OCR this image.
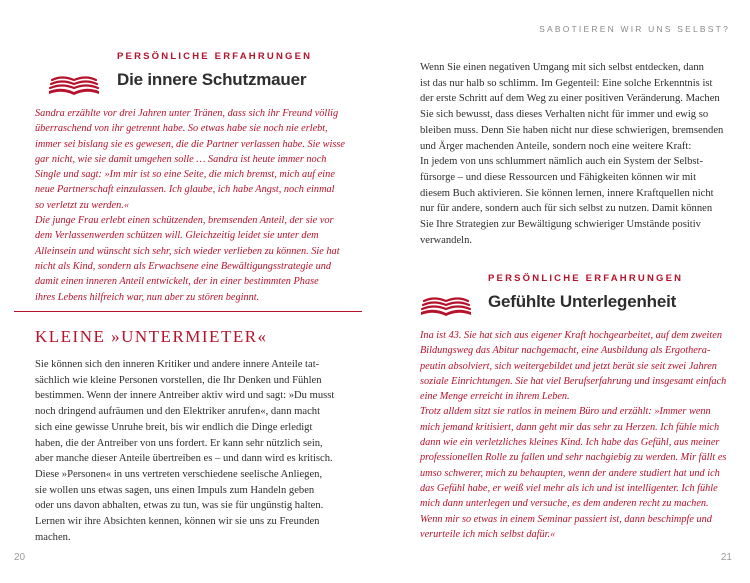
PERSÖNLICHE ERFAHRUNGEN
Die innere Schutzmauer

Sandra erzählte vor drei Jahren unter Tränen, dass sich ihr Freund völlig

überraschend von ihr getrennt habe. So etwas habe sie noch nie erlebt,

immer sei bislang sie es gewesen, die die Partner verlassen habe. Sie wisse

gar nicht, wie sie damit umgehen solle … Sandra ist heute immer noch

Single und sagt: »Im mir ist so eine Seite, die mich bremst, mich auf eine

neue Partnerschaft einzulassen. Ich glaube, ich habe Angst, noch einmal

so verletzt zu werden.«

Die junge Frau erlebt einen schützenden, bremsenden Anteil, der sie vor

dem Verlassenwerden schützen will. Gleichzeitig leidet sie unter dem

Alleinsein und wünscht sich sehr, sich wieder verlieben zu können. Sie hat

nicht als Kind, sondern als Erwachsene eine Bewältigungsstrategie und

damit einen inneren Anteil entwickelt, der in einer bestimmten Phase

ihres Lebens hilfreich war, nun aber zu stören beginnt.

KLEINE »UNTERMIETER«

Sie können sich den inneren Kritiker und andere innere Anteile tat-

sächlich wie kleine Personen vorstellen, die Ihr Denken und Fühlen

bestimmen. Wenn der innere Antreiber aktiv wird und sagt: »Du musst

noch dringend aufräumen und den Elektriker anrufen«, dann macht

sich eine gewisse Unruhe breit, bis wir endlich die Dinge erledigt

haben, die der Antreiber von uns fordert. Er kann sehr nützlich sein,

aber manche dieser Anteile übertreiben es – und dann wird es kritisch.

Diese »Personen« in uns vertreten verschiedene seelische Anliegen,

sie wollen uns etwas sagen, uns einen Impuls zum Handeln geben

oder uns davon abhalten, etwas zu tun, was sie für ungünstig halten.

Lernen wir ihre Absichten kennen, können wir sie uns zu Freunden

machen.

20
SABOTIEREN WIR UNS SELBST?

Wenn Sie einen negativen Umgang mit sich selbst entdecken, dann

ist das nur halb so schlimm. Im Gegenteil: Eine solche Erkenntnis ist

der erste Schritt auf dem Weg zu einer positiven Veränderung. Machen

Sie sich bewusst, dass dieses Verhalten nicht für immer und ewig so

bleiben muss. Denn Sie haben nicht nur diese schwierigen, bremsenden

und Ärger machenden Anteile, sondern noch eine weitere Kraft:

In jedem von uns schlummert nämlich auch ein System der Selbst-

fürsorge – und diese Ressourcen und Fähigkeiten können wir mit

diesem Buch aktivieren. Sie können lernen, innere Kraftquellen nicht

nur für andere, sondern auch für sich selbst zu nutzen. Damit können

Sie Ihre Strategien zur Bewältigung schwieriger Umstände positiv

verwandeln.

PERSÖNLICHE ERFAHRUNGEN
Gefühlte Unterlegenheit

Ina ist 43. Sie hat sich aus eigener Kraft hochgearbeitet, auf dem zweiten

Bildungsweg das Abitur nachgemacht, eine Ausbildung als Ergothera-

peutin absolviert, sich weitergebildet und jetzt berät sie seit zwei Jahren

soziale Einrichtungen. Sie hat viel Berufserfahrung und insgesamt einfach

eine Menge erreicht in ihrem Leben.

Trotz alldem sitzt sie ratlos in meinem Büro und erzählt: »Immer wenn

mich jemand kritisiert, dann geht mir das sehr zu Herzen. Ich fühle mich

dann wie ein verletzliches kleines Kind. Ich habe das Gefühl, aus meiner

professionellen Rolle zu fallen und sehr nachgiebig zu werden. Mir fällt es

umso schwerer, mich zu behaupten, wenn der andere studiert hat und ich

das Gefühl habe, er weiß viel mehr als ich und ist intelligenter. Ich fühle

mich dann unterlegen und versuche, es dem anderen recht zu machen.

Wenn mir so etwas in einem Seminar passiert ist, dann beschimpfe und

verurteile ich mich selbst dafür.«

21
